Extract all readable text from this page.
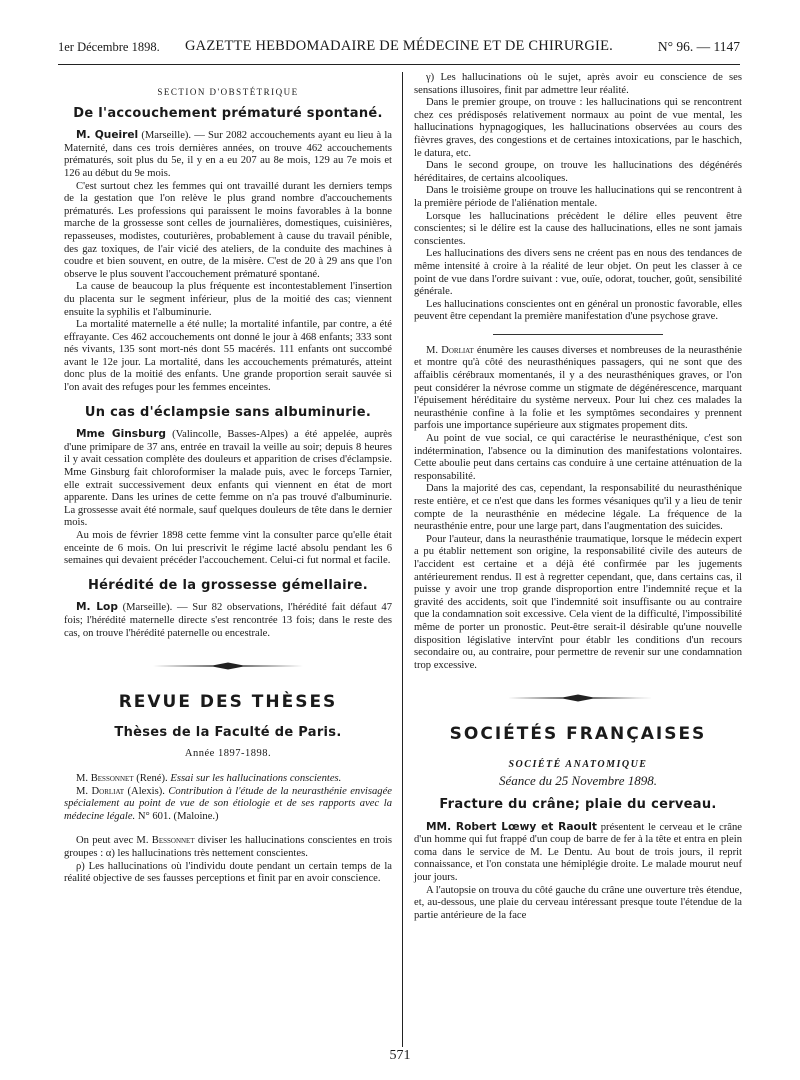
1er Décembre 1898.	GAZETTE HEBDOMADAIRE DE MÉDECINE ET DE CHIRURGIE.	N° 96. — 1147
SECTION D'OBSTÉTRIQUE
De l'accouchement prématuré spontané.

M. Queirel (Marseille). — Sur 2082 accouchements ayant eu lieu à la Maternité, dans ces trois dernières années, on trouve 462 accouchements prématurés, soit plus du 5e, il y en a eu 207 au 8e mois, 129 au 7e mois et 126 au début du 9e mois.

C'est surtout chez les femmes qui ont travaillé durant les derniers temps de la gestation que l'on relève le plus grand nombre d'accouchements prématurés. Les professions qui paraissent le moins favorables à la bonne marche de la grossesse sont celles de journalières, domestiques, cuisinières, repasseuses, modistes, couturières, probablement à cause du travail pénible, des gaz toxiques, de l'air vicié des ateliers, de la conduite des machines à coudre et bien souvent, en outre, de la misère. C'est de 20 à 29 ans que l'on observe le plus souvent l'accouchement prématuré spontané.

La cause de beaucoup la plus fréquente est incontestablement l'insertion du placenta sur le segment inférieur, plus de la moitié des cas; viennent ensuite la syphilis et l'albuminurie.

La mortalité maternelle a été nulle; la mortalité infantile, par contre, a été effrayante. Ces 462 accouchements ont donné le jour à 468 enfants; 333 sont nés vivants, 135 sont mort-nés dont 55 macérés. 111 enfants ont succombé avant le 12e jour. La mortalité, dans les accouchements prématurés, atteint donc plus de la moitié des enfants. Une grande proportion serait sauvée si l'on avait des refuges pour les femmes enceintes.

Un cas d'éclampsie sans albuminurie.

Mme Ginsburg (Valincolle, Basses-Alpes) a été appelée, auprès d'une primipare de 37 ans, entrée en travail la veille au soir; depuis 8 heures il y avait cessation complète des douleurs et apparition de crises d'éclampsie. Mme Ginsburg fait chloroformiser la malade puis, avec le forceps Tarnier, elle extrait successivement deux enfants qui viennent en état de mort apparente. Dans les urines de cette femme on n'a pas trouvé d'albuminurie. La grossesse avait été normale, sauf quelques douleurs de tête dans le dernier mois.

Au mois de février 1898 cette femme vint la consulter parce qu'elle était enceinte de 6 mois. On lui prescrivit le régime lacté absolu pendant les 6 semaines qui devaient précéder l'accouchement. Celui-ci fut normal et facile.

Hérédité de la grossesse gémellaire.

M. Lop (Marseille). — Sur 82 observations, l'hérédité fait défaut 47 fois; l'hérédité maternelle directe s'est rencontrée 13 fois; dans le reste des cas, on trouve l'hérédité paternelle ou encestrale.

REVUE DES THÈSES
Thèses de la Faculté de Paris.
Année 1897-1898.

M. Bessonnet (René). Essai sur les hallucinations conscientes.

M. Dorliat (Alexis). Contribution à l'étude de la neurasthénie envisagée spécialement au point de vue de son étiologie et de ses rapports avec la médecine légale. N° 601. (Maloine.)

On peut avec M. Bessonnet diviser les hallucinations conscientes en trois groupes : α) les hallucinations très nettement conscientes.

ρ) Les hallucinations où l'individu doute pendant un certain temps de la réalité objective de ses fausses perceptions et finit par en avoir conscience.

γ) Les hallucinations où le sujet, après avoir eu conscience de ses sensations illusoires, finit par admettre leur réalité.

Dans le premier groupe, on trouve : les hallucinations qui se rencontrent chez ces prédisposés relativement normaux au point de vue mental, les hallucinations hypnagogiques, les hallucinations observées au cours des fièvres graves, des congestions et de certaines intoxications, par le haschich, le datura, etc.

Dans le second groupe, on trouve les hallucinations des dégénérés héréditaires, de certains alcooliques.

Dans le troisième groupe on trouve les hallucinations qui se rencontrent à la première période de l'aliénation mentale.

Lorsque les hallucinations précèdent le délire elles peuvent être conscientes; si le délire est la cause des hallucinations, elles ne sont jamais conscientes.

Les hallucinations des divers sens ne créent pas en nous des tendances de même intensité à croire à la réalité de leur objet. On peut les classer à ce point de vue dans l'ordre suivant : vue, ouïe, odorat, toucher, goût, sensibilité générale.

Les hallucinations conscientes ont en général un pronostic favorable, elles peuvent être cependant la première manifestation d'une psychose grave.

M. Dorliat énumère les causes diverses et nombreuses de la neurasthénie et montre qu'à côté des neurasthéniques passagers, qui ne sont que des affaiblis cérébraux momentanés, il y a des neurasthéniques graves, or l'on peut considérer la névrose comme un stigmate de dégénérescence, marquant l'épuisement héréditaire du système nerveux. Pour lui chez ces malades la neurasthénie confine à la folie et les symptômes secondaires y prennent parfois une importance supérieure aux stigmates propement dits.

Au point de vue social, ce qui caractérise le neurasthénique, c'est son indétermination, l'absence ou la diminution des manifestations volontaires. Cette aboulie peut dans certains cas conduire à une certaine atténuation de la responsabilité.

Dans la majorité des cas, cependant, la responsabilité du neurasthénique reste entière, et ce n'est que dans les formes vésaniques qu'il y a lieu de tenir compte de la neurasthénie en médecine légale. La fréquence de la neurasthénie entre, pour une large part, dans l'augmentation des suicides.

Pour l'auteur, dans la neurasthénie traumatique, lorsque le médecin expert a pu établir nettement son origine, la responsabilité civile des auteurs de l'accident est certaine et a déjà été confirmée par les jugements antérieurement rendus. Il est à regretter cependant, que, dans certains cas, il puisse y avoir une trop grande disproportion entre l'indemnité reçue et la gravité des accidents, soit que l'indemnité soit insuffisante ou au contraire que la condamnation soit excessive. Cela vient de la difficulté, l'impossibilité même de porter un pronostic. Peut-être serait-il désirable qu'une nouvelle disposition législative intervînt pour établr les conditions d'un recours secondaire ou, au contraire, pour permettre de revenir sur une condamnation trop excessive.

SOCIÉTÉS FRANÇAISES
SOCIÉTÉ ANATOMIQUE
Séance du 25 Novembre 1898.
Fracture du crâne; plaie du cerveau.

MM. Robert Lœwy et Raoult présentent le cerveau et le crâne d'un homme qui fut frappé d'un coup de barre de fer à la tête et entra en plein coma dans le service de M. Le Dentu. Au bout de trois jours, il reprit connaissance, et l'on constata une hémiplégie droite. Le malade mourut neuf jour jours.

A l'autopsie on trouva du côté gauche du crâne une ouverture très étendue, et, au-dessous, une plaie du cerveau intéressant presque toute l'étendue de la partie antérieure de la face

571
